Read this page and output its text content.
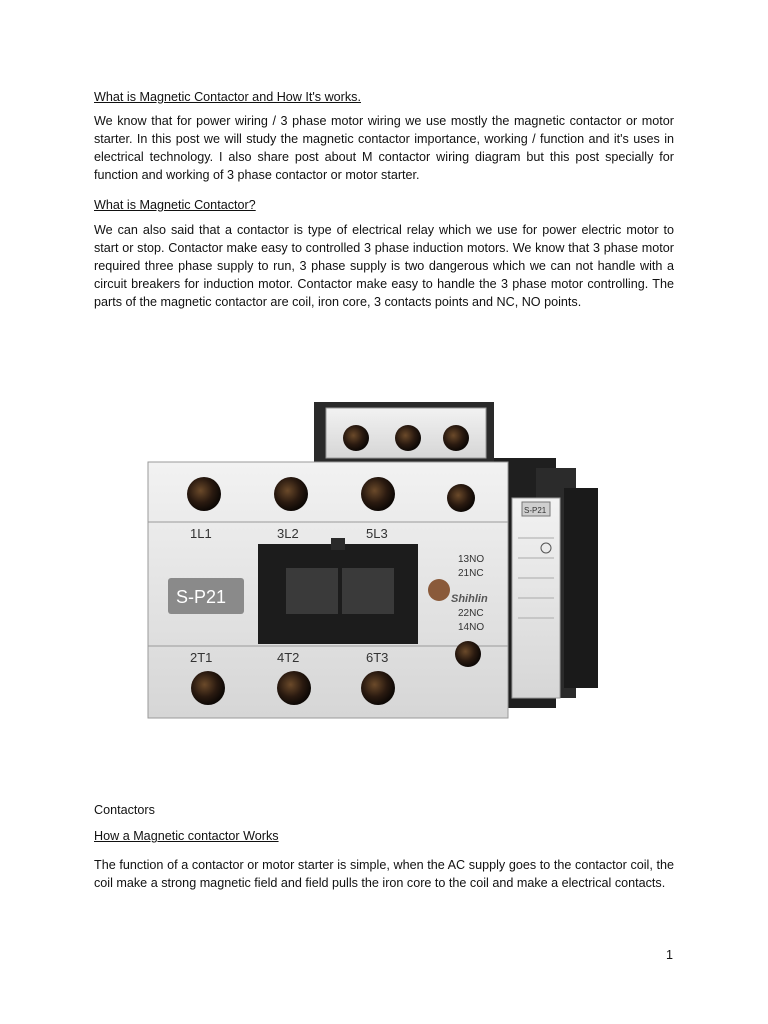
What is Magnetic Contactor and How It's works.
We know that for power wiring / 3 phase motor wiring we use mostly the magnetic contactor or motor starter. In this post we will study the magnetic contactor importance, working / function and it's uses in electrical technology. I also share post about M contactor wiring diagram but this post specially for function and working of 3 phase contactor or motor starter.
What is Magnetic Contactor?
We can also said that a contactor is type of electrical relay which we use for power electric motor to start or stop. Contactor make easy to controlled 3 phase induction motors. We know that 3 phase motor required three phase supply to run, 3 phase supply is two dangerous which we can not handle with a circuit breakers for induction motor. Contactor make easy to handle the 3 phase motor controlling. The parts of the magnetic contactor are coil, iron core, 3 contacts points and NC, NO points.
1L1	3L2	5L3
S-P21	Shihlin
13NO
21NC
22NC
14NO
2T1	4T2	6T3
S-P21
Contactors
How a Magnetic contactor Works
The function of a contactor or motor starter is simple, when the AC supply goes to the contactor coil, the coil make a strong magnetic field and field pulls the iron core to the coil and make a electrical contacts.
1
